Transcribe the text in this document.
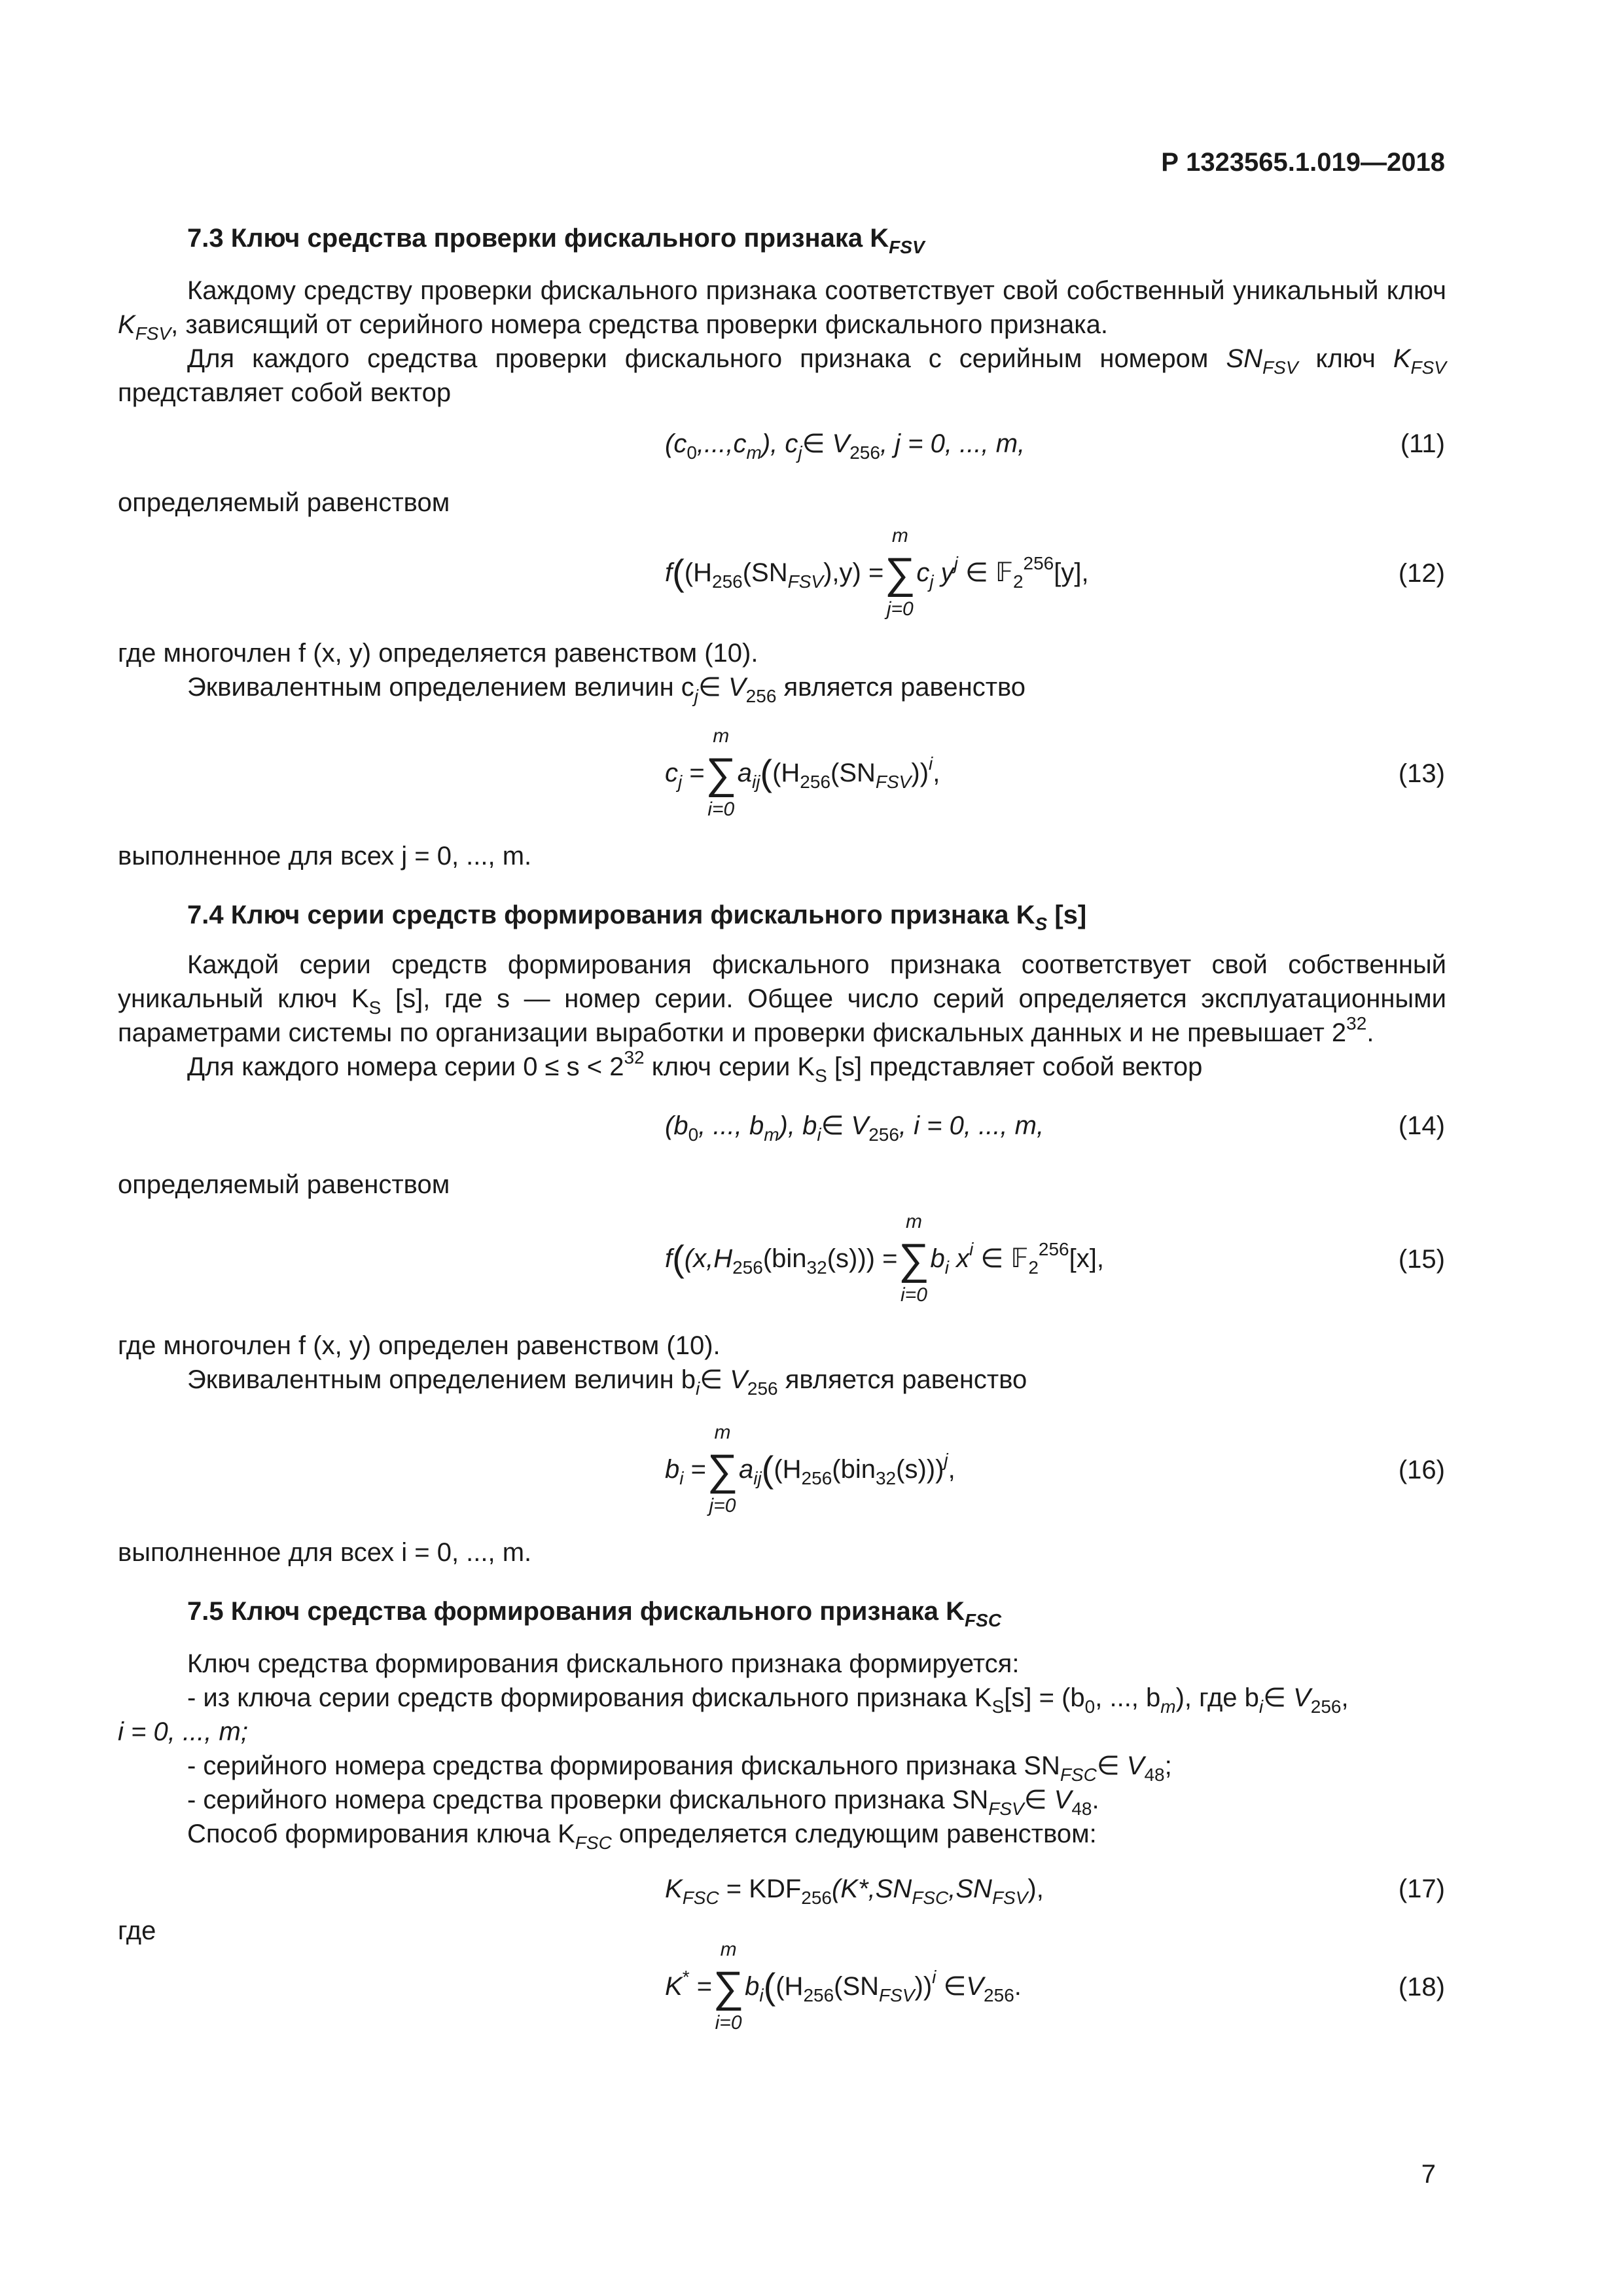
Р 1323565.1.019—2018
7.3 Ключ средства проверки фискального признака $K_{FSV}$
Каждому средству проверки фискального признака соответствует свой собственный уникальный ключ $K_{FSV}$, зависящий от серийного номера средства проверки фискального признака.
Для каждого средства проверки фискального признака с серийным номером $SN_{FSV}$ ключ $K_{FSV}$ представляет собой вектор
$(c_0,...,c_m)$, $c_j\in$ $V_{256}$, j = 0, ..., m,	(11)
определяемый равенством
$f((H_{256}(SN_{FSV}),y)$ =
m
∑
j=0
$c_j$ $y^j$ ∈ 𝔽$_2^{256}$[y],	(12)
где многочлен f (x, y) определяется равенством (10).
Эквивалентным определением величин $c_j\in$ $V_{256}$ является равенство
$c_j$ =
m
∑
i=0
$a_{ij}((H_{256}(SN_{FSV}))^i$,	(13)
выполненное для всех j = 0, ..., m.
7.4 Ключ серии средств формирования фискального признака $K_S$ [s]
Каждой серии средств формирования фискального признака соответствует свой собственный уникальный ключ $K_S$ [s], где s — номер серии. Общее число серий определяется эксплуатационными параметрами системы по организации выработки и проверки фискальных данных и не превышает $2^{32}$.
Для каждого номера серии $0 \le s < 2^{32}$ ключ серии $K_S$ [s] представляет собой вектор
($b_0$, ..., $b_m$), $b_i\in$ $V_{256}$, i = 0, ..., m,	(14)
определяемый равенством
$f((x,H_{256}(bin_{32}(s)))$ =
m
∑
i=0
$b_i$ $x^i$ ∈ 𝔽$_2^{256}$[x],	(15)
где многочлен f (x, y) определен равенством (10).
Эквивалентным определением величин $b_i\in$ $V_{256}$ является равенство
$b_i$ =
m
∑
j=0
$a_{ij}((H_{256}(bin_{32}(s)))^j$,	(16)
выполненное для всех i = 0, ..., m.
7.5 Ключ средства формирования фискального признака $K_{FSC}$
Ключ средства формирования фискального признака формируется:
- из ключа серии средств формирования фискального признака $K_S[s] = (b_0$, ..., $b_m$), где $b_i\in$ $V_{256}$,
i = 0, ..., m;
- серийного номера средства формирования фискального признака $SN_{FSC}\in$ $V_{48}$;
- серийного номера средства проверки фискального признака $SN_{FSV}\in$ $V_{48}$.
Способ формирования ключа $K_{FSC}$ определяется следующим равенством:
$K_{FSC} = KDF_{256}(K*,SN_{FSC},SN_{FSV})$,	(17)
где
K* =
m
∑
i=0
$b_i((H_{256}(SN_{FSV}))^i$ $\in V_{256}$.	(18)
7
